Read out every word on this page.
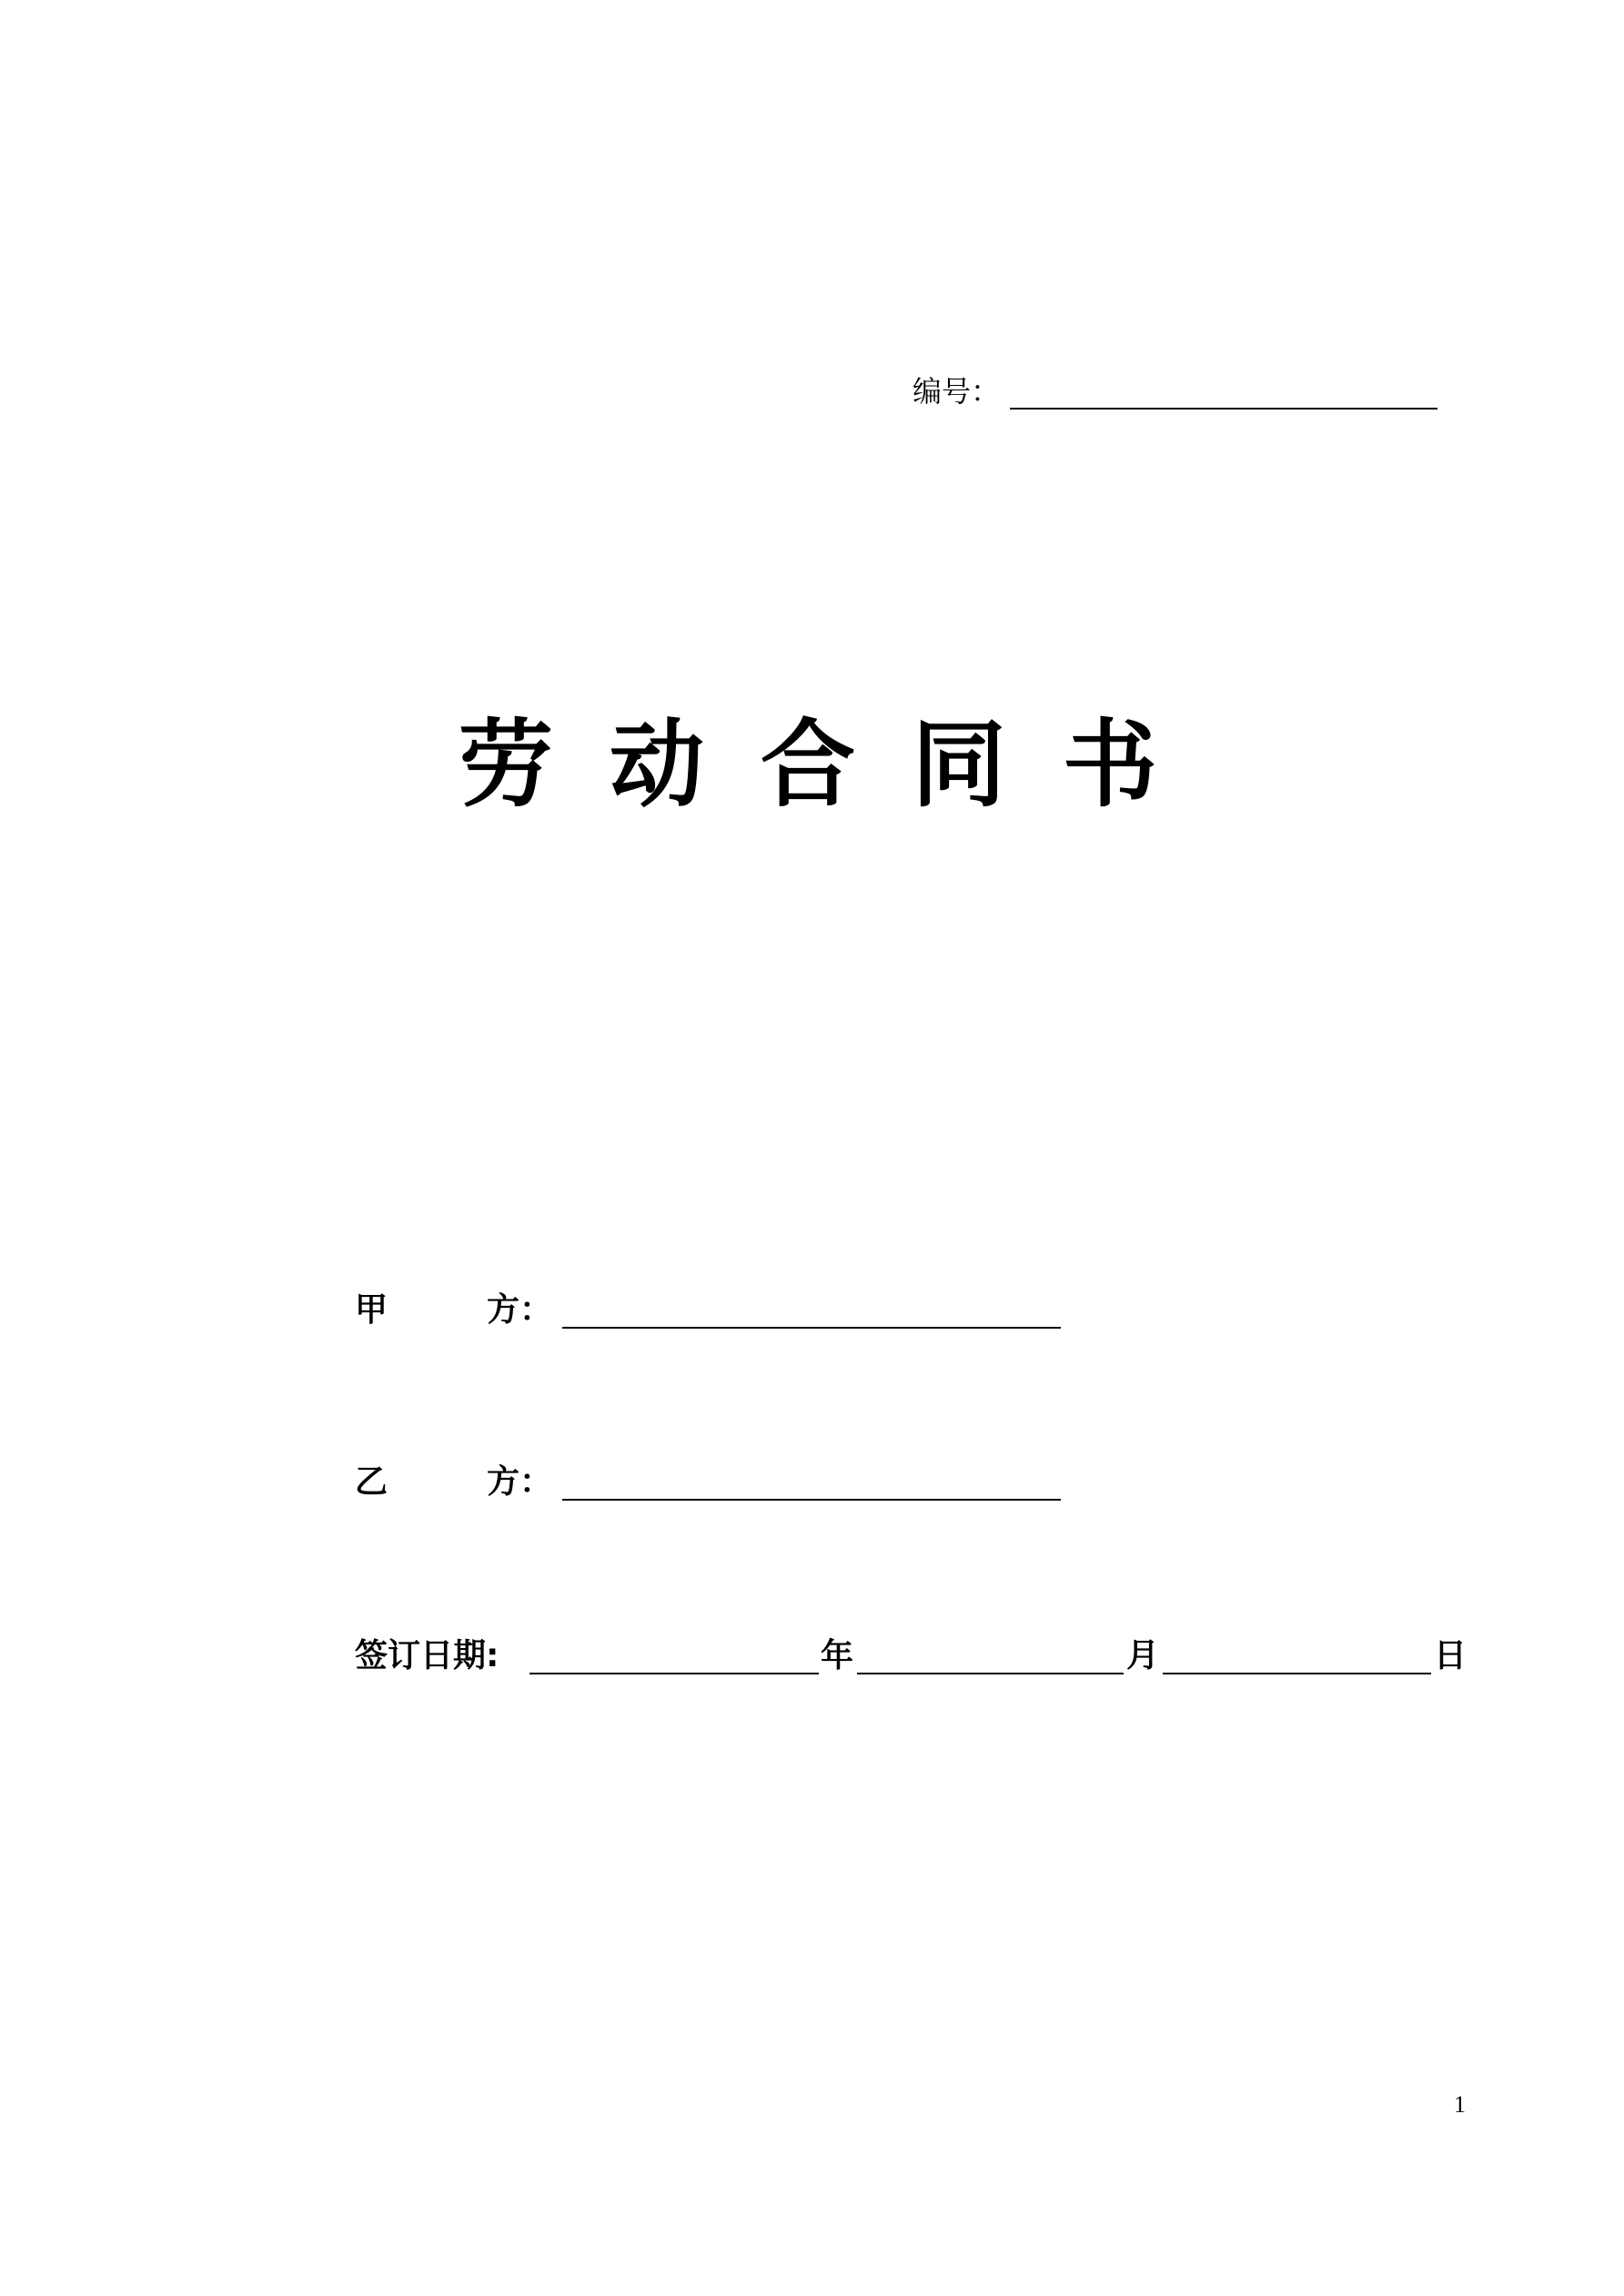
编号：
劳动合同书
甲	方：
乙	方：
签订日期:	年	月	日
1
